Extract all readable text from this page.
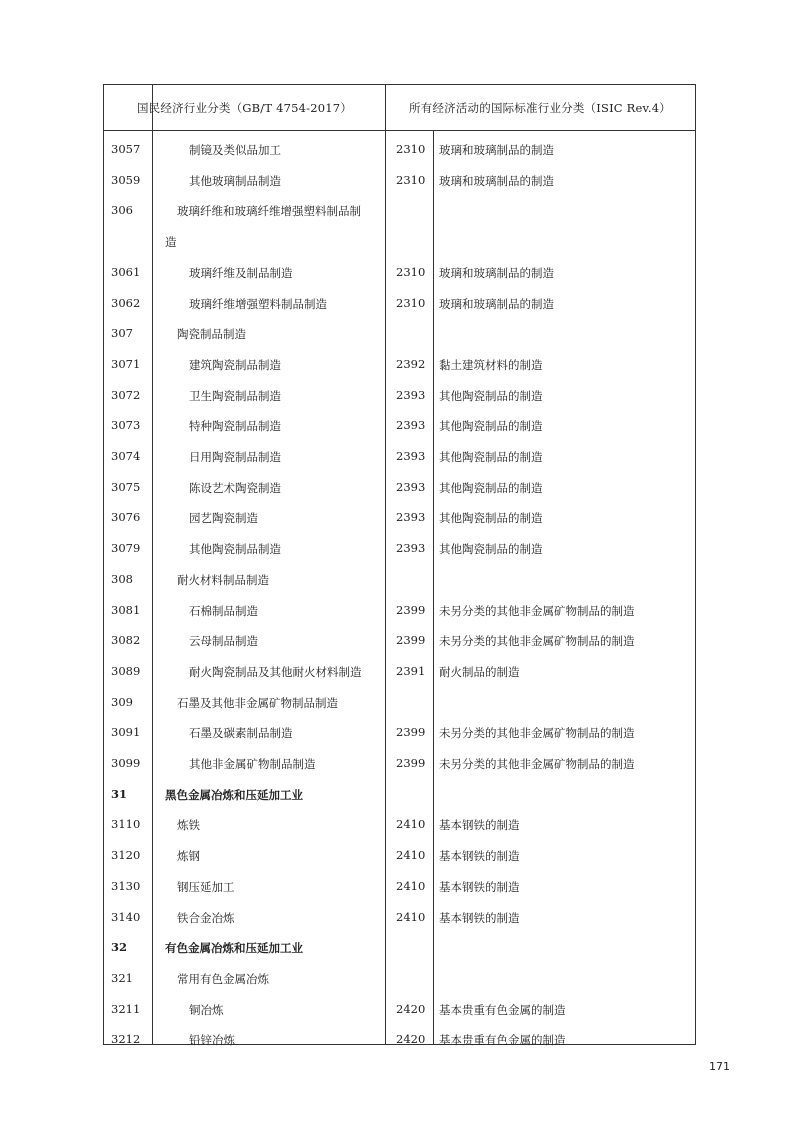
国民经济行业分类（GB/T 4754-2017）	所有经济活动的国际标准行业分类（ISIC Rev.4）
3057	制镜及类似品加工	2310 玻璃和玻璃制品的制造
3059	其他玻璃制品制造	2310 玻璃和玻璃制品的制造
306	玻璃纤维和玻璃纤维增强塑料制品制
造
3061	玻璃纤维及制品制造	2310 玻璃和玻璃制品的制造
3062	玻璃纤维增强塑料制品制造	2310 玻璃和玻璃制品的制造
307	陶瓷制品制造
3071	建筑陶瓷制品制造	2392 黏土建筑材料的制造
3072	卫生陶瓷制品制造	2393 其他陶瓷制品的制造
3073	特种陶瓷制品制造	2393 其他陶瓷制品的制造
3074	日用陶瓷制品制造	2393 其他陶瓷制品的制造
3075	陈设艺术陶瓷制造	2393 其他陶瓷制品的制造
3076	园艺陶瓷制造	2393 其他陶瓷制品的制造
3079	其他陶瓷制品制造	2393 其他陶瓷制品的制造
308	耐火材料制品制造
3081	石棉制品制造	2399 未另分类的其他非金属矿物制品的制造
3082	云母制品制造	2399 未另分类的其他非金属矿物制品的制造
3089	耐火陶瓷制品及其他耐火材料制造	2391 耐火制品的制造
309	石墨及其他非金属矿物制品制造
3091	石墨及碳素制品制造	2399 未另分类的其他非金属矿物制品的制造
3099	其他非金属矿物制品制造	2399 未另分类的其他非金属矿物制品的制造
31	黑色金属冶炼和压延加工业
3110	炼铁	2410 基本钢铁的制造
3120	炼钢	2410 基本钢铁的制造
3130	钢压延加工	2410 基本钢铁的制造
3140	铁合金冶炼	2410 基本钢铁的制造
32	有色金属冶炼和压延加工业
321	常用有色金属冶炼
3211	铜冶炼	2420 基本贵重有色金属的制造
3212	铅锌冶炼	2420 基本贵重有色金属的制造
171
